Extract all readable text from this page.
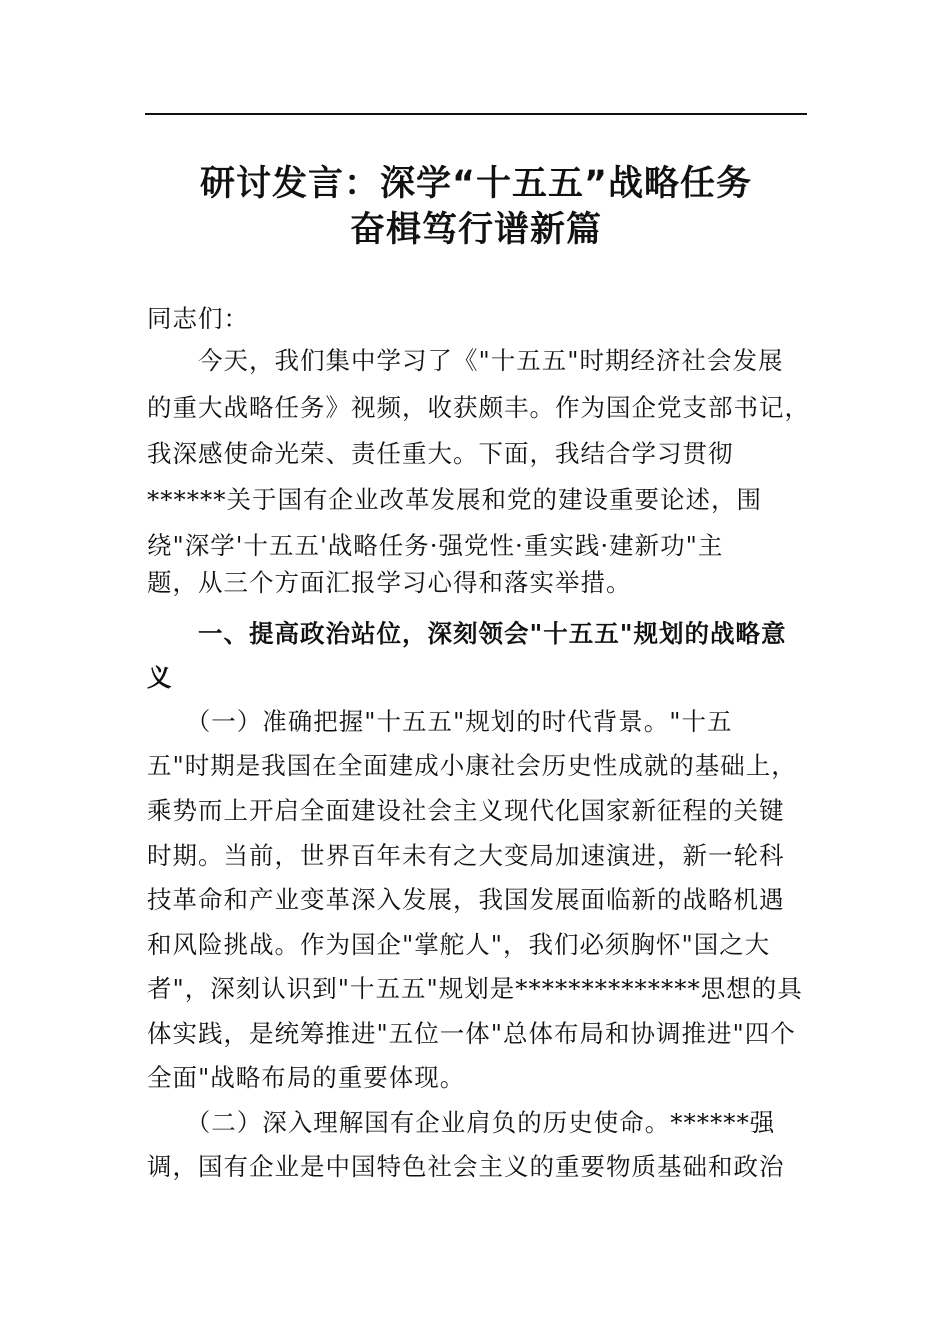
研讨发言：深学“十五五”战略任务
奋楫笃行谱新篇

同志们：

　　今天，我们集中学习了《"十五五"时期经济社会发展

的重大战略任务》视频，收获颇丰。作为国企党支部书记，

我深感使命光荣、责任重大。下面，我结合学习贯彻

******关于国有企业改革发展和党的建设重要论述，围

绕"深学'十五五'战略任务·强党性·重实践·建新功"主

题，从三个方面汇报学习心得和落实举措。

　　一、提高政治站位，深刻领会"十五五"规划的战略意

义

　　（一）准确把握"十五五"规划的时代背景。"十五

五"时期是我国在全面建成小康社会历史性成就的基础上，

乘势而上开启全面建设社会主义现代化国家新征程的关键

时期。当前，世界百年未有之大变局加速演进，新一轮科

技革命和产业变革深入发展，我国发展面临新的战略机遇

和风险挑战。作为国企"掌舵人"，我们必须胸怀"国之大

者"，深刻认识到"十五五"规划是**************思想的具

体实践，是统筹推进"五位一体"总体布局和协调推进"四个

全面"战略布局的重要体现。

　　（二）深入理解国有企业肩负的历史使命。******强

调，国有企业是中国特色社会主义的重要物质基础和政治
